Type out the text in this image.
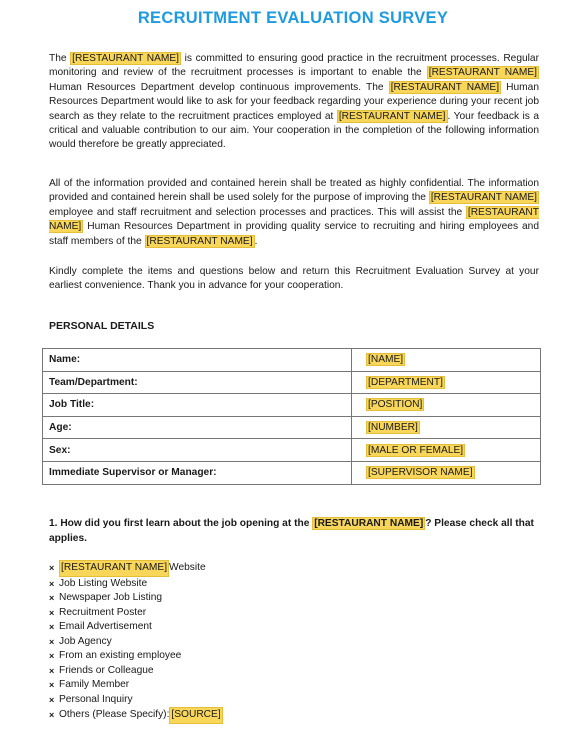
RECRUITMENT EVALUATION SURVEY

The [RESTAURANT NAME] is committed to ensuring good practice in the recruitment processes. Regular monitoring and review of the recruitment processes is important to enable the [RESTAURANT NAME] Human Resources Department develop continuous improvements. The [RESTAURANT NAME] Human Resources Department would like to ask for your feedback regarding your experience during your recent job search as they relate to the recruitment practices employed at [RESTAURANT NAME] . Your feedback is a critical and valuable contribution to our aim. Your cooperation in the completion of the following information would therefore be greatly appreciated.

All of the information provided and contained herein shall be treated as highly confidential. The information provided and contained herein shall be used solely for the purpose of improving the [RESTAURANT NAME] employee and staff recruitment and selection processes and practices. This will assist the [RESTAURANT NAME] Human Resources Department in providing quality service to recruiting and hiring employees and staff members of the [RESTAURANT NAME] .

Kindly complete the items and questions below and return this Recruitment Evaluation Survey at your earliest convenience. Thank you in advance for your cooperation.

PERSONAL DETAILS
Name:	[NAME]
Team/Department:	[DEPARTMENT]
Job Title:	[POSITION]
Age:	[NUMBER]
Sex:	[MALE OR FEMALE]
Immediate Supervisor or Manager:	[SUPERVISOR NAME]
1. How did you first learn about the job opening at the [RESTAURANT NAME] ? Please check all that applies.
× [RESTAURANT NAME] Website
× Job Listing Website
× Newspaper Job Listing
× Recruitment Poster
× Email Advertisement
× Job Agency
× From an existing employee
× Friends or Colleague
× Family Member
× Personal Inquiry
× Others (Please Specify): [SOURCE]
